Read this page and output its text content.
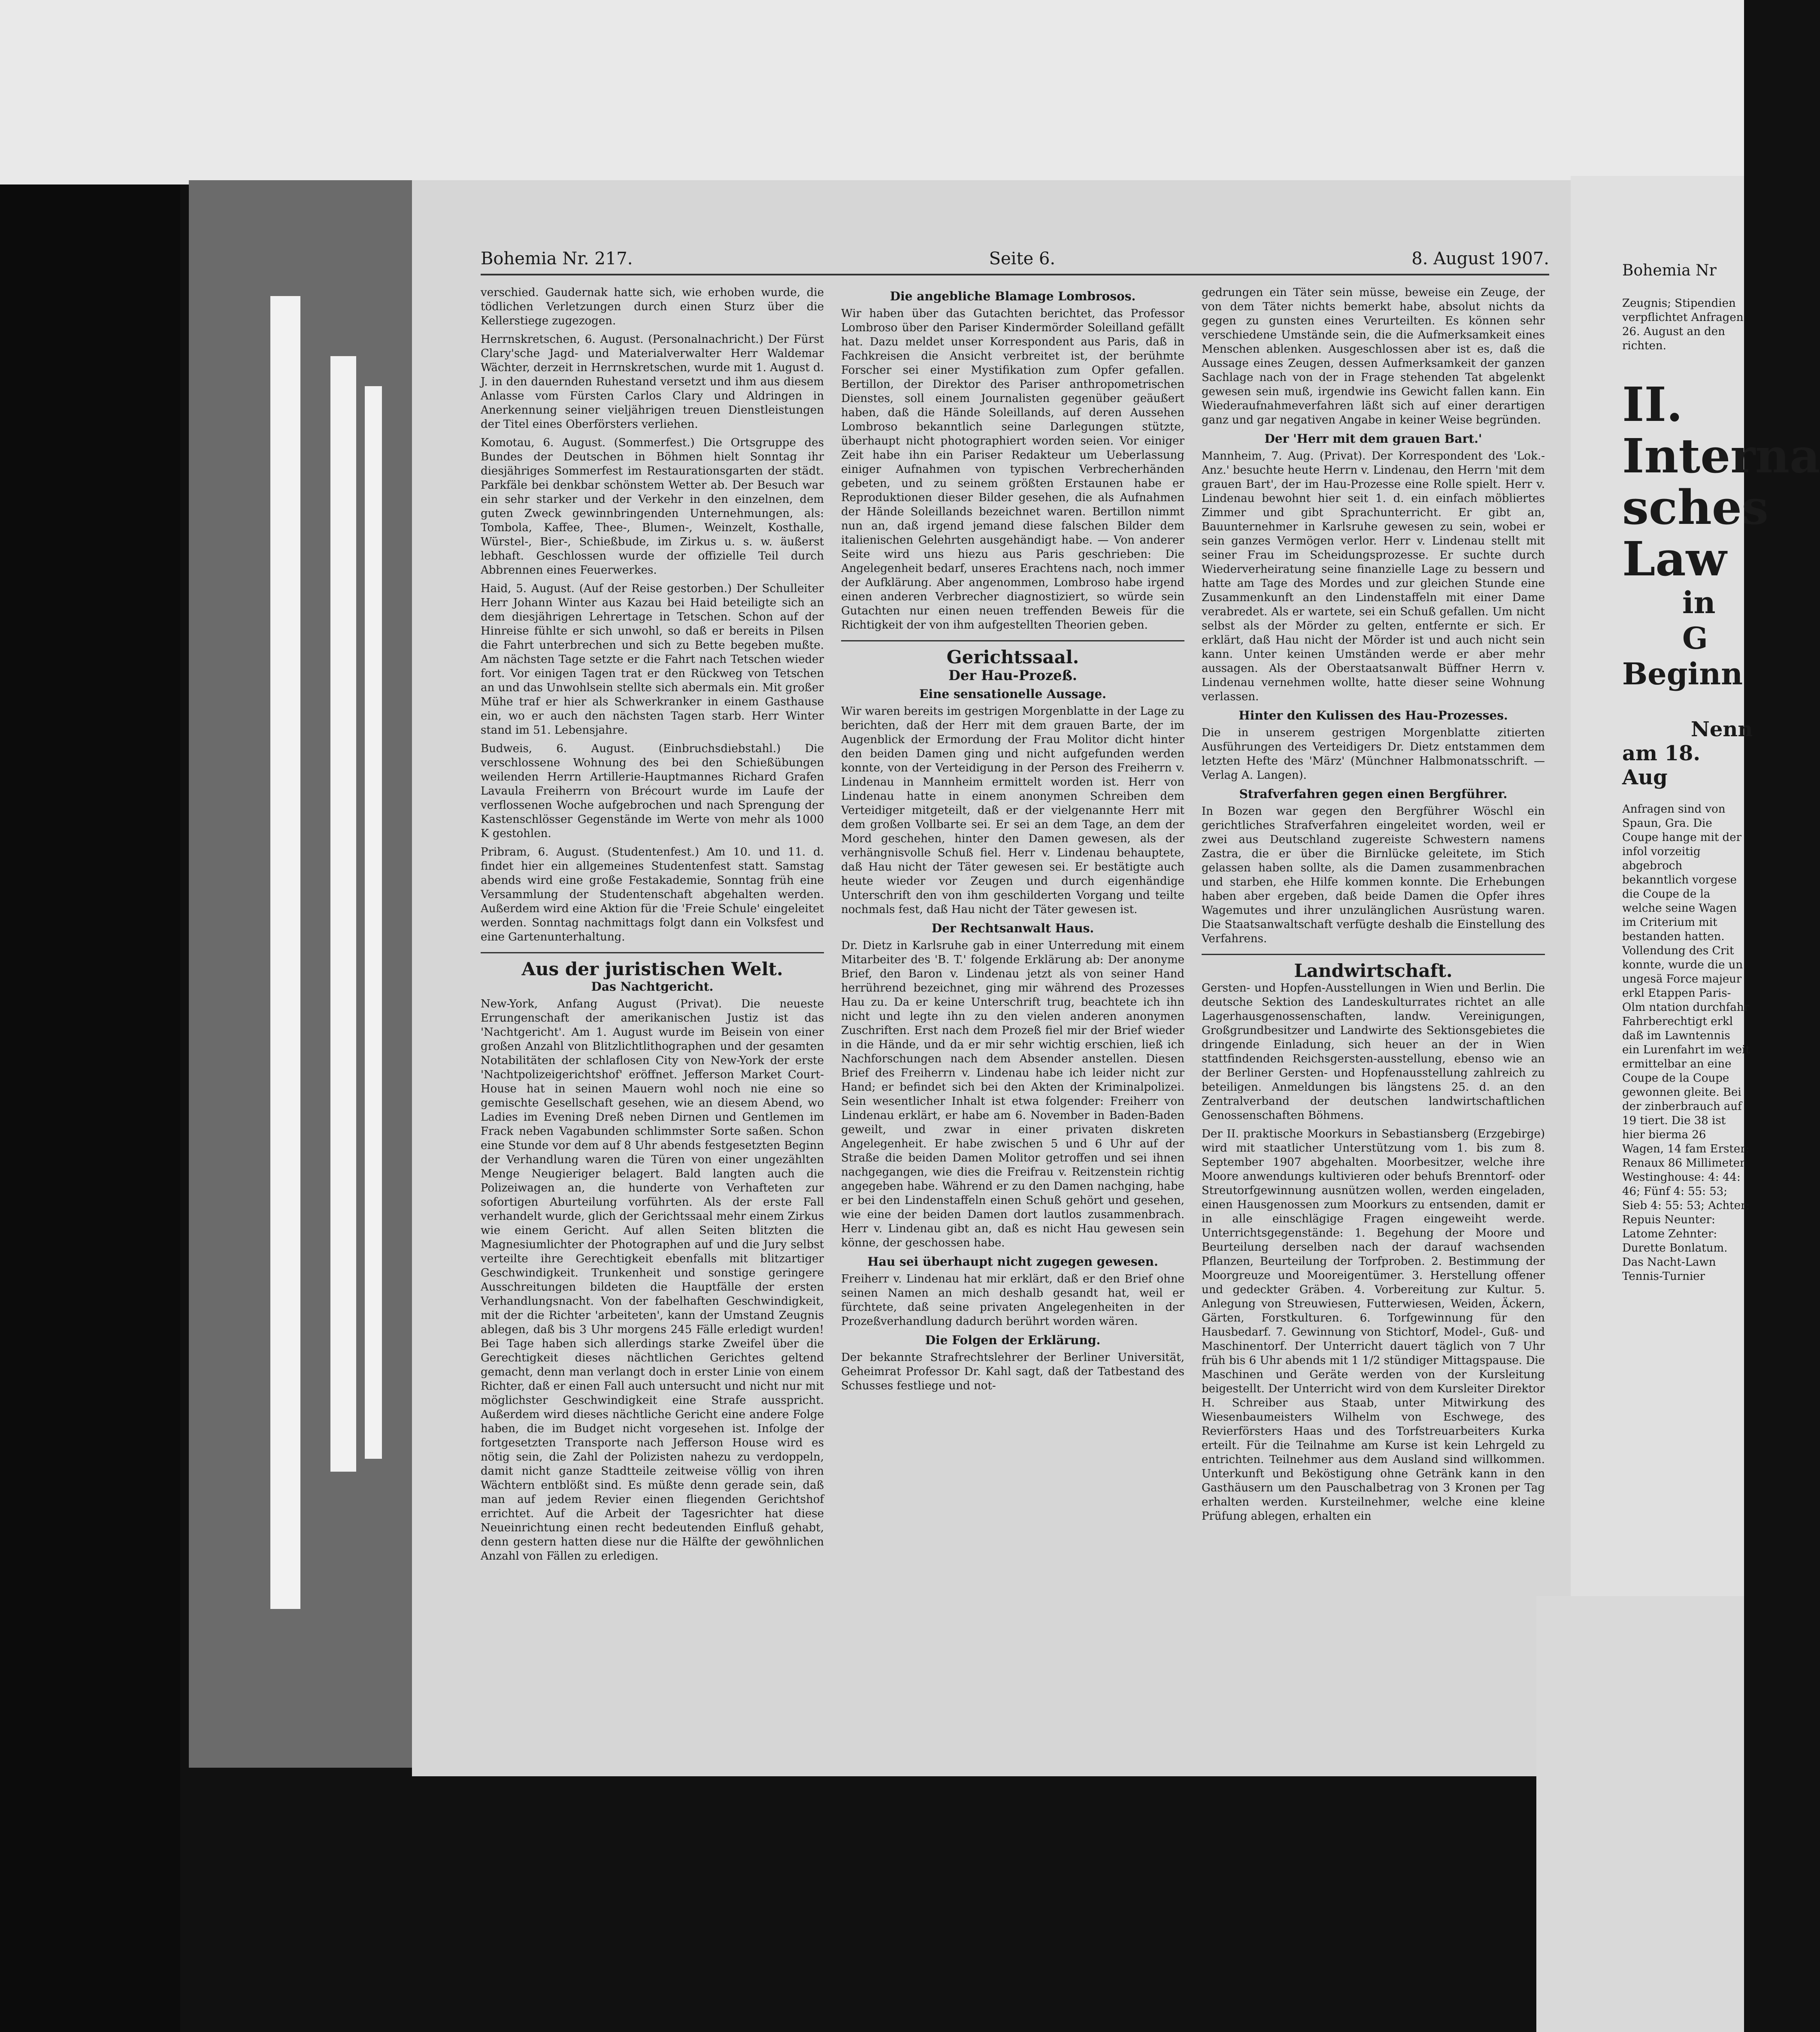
Bohemia Nr. 217.	Seite 6.	8. August 1907.

verschied. Gaudernak hatte sich, wie erhoben wurde, die tödlichen Verletzungen durch einen Sturz über die Kellerstiege zugezogen.

Herrnskretschen, 6. August. (Personalnachricht.) Der Fürst Clary'sche Jagd- und Materialverwalter Herr Waldemar Wächter, derzeit in Herrnskretschen, wurde mit 1. August d. J. in den dauernden Ruhestand versetzt und ihm aus diesem Anlasse vom Fürsten Carlos Clary und Aldringen in Anerkennung seiner vieljährigen treuen Dienstleistungen der Titel eines Oberförsters verliehen.

Komotau, 6. August. (Sommerfest.) Die Ortsgruppe des Bundes der Deutschen in Böhmen hielt Sonntag ihr diesjähriges Sommerfest im Restaurationsgarten der städt. Parkfäle bei denkbar schönstem Wetter ab. Der Besuch war ein sehr starker und der Verkehr in den einzelnen, dem guten Zweck gewinnbringenden Unternehmungen, als: Tombola, Kaffee, Thee-, Blumen-, Weinzelt, Kosthalle, Würstel-, Bier-, Schießbude, im Zirkus u. s. w. äußerst lebhaft. Geschlossen wurde der offizielle Teil durch Abbrennen eines Feuerwerkes.

Haid, 5. August. (Auf der Reise gestorben.) Der Schulleiter Herr Johann Winter aus Kazau bei Haid beteiligte sich an dem diesjährigen Lehrertage in Tetschen. Schon auf der Hinreise fühlte er sich unwohl, so daß er bereits in Pilsen die Fahrt unterbrechen und sich zu Bette begeben mußte. Am nächsten Tage setzte er die Fahrt nach Tetschen wieder fort. Vor einigen Tagen trat er den Rückweg von Tetschen an und das Unwohlsein stellte sich abermals ein. Mit großer Mühe traf er hier als Schwerkranker in einem Gasthause ein, wo er auch den nächsten Tagen starb. Herr Winter stand im 51. Lebensjahre.

Budweis, 6. August. (Einbruchsdiebstahl.) Die verschlossene Wohnung des bei den Schießübungen weilenden Herrn Artillerie-Hauptmannes Richard Grafen Lavaula Freiherrn von Brécourt wurde im Laufe der verflossenen Woche aufgebrochen und nach Sprengung der Kastenschlösser Gegenstände im Werte von mehr als 1000 K gestohlen.

Pribram, 6. August. (Studentenfest.) Am 10. und 11. d. findet hier ein allgemeines Studentenfest statt. Samstag abends wird eine große Festakademie, Sonntag früh eine Versammlung der Studentenschaft abgehalten werden. Außerdem wird eine Aktion für die 'Freie Schule' eingeleitet werden. Sonntag nachmittags folgt dann ein Volksfest und eine Gartenunterhaltung.

Aus der juristischen Welt.
Das Nachtgericht.

New-York, Anfang August (Privat). Die neueste Errungenschaft der amerikanischen Justiz ist das 'Nachtgericht'. Am 1. August wurde im Beisein von einer großen Anzahl von Blitzlichtlithographen und der gesamten Notabilitäten der schlaflosen City von New-York der erste 'Nachtpolizeigerichtshof' eröffnet. Jefferson Market Court-House hat in seinen Mauern wohl noch nie eine so gemischte Gesellschaft gesehen, wie an diesem Abend, wo Ladies im Evening Dreß neben Dirnen und Gentlemen im Frack neben Vagabunden schlimmster Sorte saßen. Schon eine Stunde vor dem auf 8 Uhr abends festgesetzten Beginn der Verhandlung waren die Türen von einer ungezählten Menge Neugieriger belagert. Bald langten auch die Polizeiwagen an, die hunderte von Verhafteten zur sofortigen Aburteilung vorführten. Als der erste Fall verhandelt wurde, glich der Gerichtssaal mehr einem Zirkus wie einem Gericht. Auf allen Seiten blitzten die Magnesiumlichter der Photographen auf und die Jury selbst verteilte ihre Gerechtigkeit ebenfalls mit blitzartiger Geschwindigkeit. Trunkenheit und sonstige geringere Ausschreitungen bildeten die Hauptfälle der ersten Verhandlungsnacht. Von der fabelhaften Geschwindigkeit, mit der die Richter 'arbeiteten', kann der Umstand Zeugnis ablegen, daß bis 3 Uhr morgens 245 Fälle erledigt wurden! Bei Tage haben sich allerdings starke Zweifel über die Gerechtigkeit dieses nächtlichen Gerichtes geltend gemacht, denn man verlangt doch in erster Linie von einem Richter, daß er einen Fall auch untersucht und nicht nur mit möglichster Geschwindigkeit eine Strafe ausspricht. Außerdem wird dieses nächtliche Gericht eine andere Folge haben, die im Budget nicht vorgesehen ist. Infolge der fortgesetzten Transporte nach Jefferson House wird es nötig sein, die Zahl der Polizisten nahezu zu verdoppeln, damit nicht ganze Stadtteile zeitweise völlig von ihren Wächtern entblößt sind. Es müßte denn gerade sein, daß man auf jedem Revier einen fliegenden Gerichtshof errichtet. Auf die Arbeit der Tagesrichter hat diese Neueinrichtung einen recht bedeutenden Einfluß gehabt, denn gestern hatten diese nur die Hälfte der gewöhnlichen Anzahl von Fällen zu erledigen.

Die angebliche Blamage Lombrosos.

Wir haben über das Gutachten berichtet, das Professor Lombroso über den Pariser Kindermörder Soleilland gefällt hat. Dazu meldet unser Korrespondent aus Paris, daß in Fachkreisen die Ansicht verbreitet ist, der berühmte Forscher sei einer Mystifikation zum Opfer gefallen. Bertillon, der Direktor des Pariser anthropometrischen Dienstes, soll einem Journalisten gegenüber geäußert haben, daß die Hände Soleillands, auf deren Aussehen Lombroso bekanntlich seine Darlegungen stützte, überhaupt nicht photographiert worden seien. Vor einiger Zeit habe ihn ein Pariser Redakteur um Ueberlassung einiger Aufnahmen von typischen Verbrecherhänden gebeten, und zu seinem größten Erstaunen habe er Reproduktionen dieser Bilder gesehen, die als Aufnahmen der Hände Soleillands bezeichnet waren. Bertillon nimmt nun an, daß irgend jemand diese falschen Bilder dem italienischen Gelehrten ausgehändigt habe. — Von anderer Seite wird uns hiezu aus Paris geschrieben: Die Angelegenheit bedarf, unseres Erachtens nach, noch immer der Aufklärung. Aber angenommen, Lombroso habe irgend einen anderen Verbrecher diagnostiziert, so würde sein Gutachten nur einen neuen treffenden Beweis für die Richtigkeit der von ihm aufgestellten Theorien geben.

Gerichtssaal.
Der Hau-Prozeß.
Eine sensationelle Aussage.

Wir waren bereits im gestrigen Morgenblatte in der Lage zu berichten, daß der Herr mit dem grauen Barte, der im Augenblick der Ermordung der Frau Molitor dicht hinter den beiden Damen ging und nicht aufgefunden werden konnte, von der Verteidigung in der Person des Freiherrn v. Lindenau in Mannheim ermittelt worden ist. Herr von Lindenau hatte in einem anonymen Schreiben dem Verteidiger mitgeteilt, daß er der vielgenannte Herr mit dem großen Vollbarte sei. Er sei an dem Tage, an dem der Mord geschehen, hinter den Damen gewesen, als der verhängnisvolle Schuß fiel. Herr v. Lindenau behauptete, daß Hau nicht der Täter gewesen sei. Er bestätigte auch heute wieder vor Zeugen und durch eigenhändige Unterschrift den von ihm geschilderten Vorgang und teilte nochmals fest, daß Hau nicht der Täter gewesen ist.

Der Rechtsanwalt Haus.

Dr. Dietz in Karlsruhe gab in einer Unterredung mit einem Mitarbeiter des 'B. T.' folgende Erklärung ab: Der anonyme Brief, den Baron v. Lindenau jetzt als von seiner Hand herrührend bezeichnet, ging mir während des Prozesses Hau zu. Da er keine Unterschrift trug, beachtete ich ihn nicht und legte ihn zu den vielen anderen anonymen Zuschriften. Erst nach dem Prozeß fiel mir der Brief wieder in die Hände, und da er mir sehr wichtig erschien, ließ ich Nachforschungen nach dem Absender anstellen. Diesen Brief des Freiherrn v. Lindenau habe ich leider nicht zur Hand; er befindet sich bei den Akten der Kriminalpolizei. Sein wesentlicher Inhalt ist etwa folgender: Freiherr von Lindenau erklärt, er habe am 6. November in Baden-Baden geweilt, und zwar in einer privaten diskreten Angelegenheit. Er habe zwischen 5 und 6 Uhr auf der Straße die beiden Damen Molitor getroffen und sei ihnen nachgegangen, wie dies die Freifrau v. Reitzenstein richtig angegeben habe. Während er zu den Damen nachging, habe er bei den Lindenstaffeln einen Schuß gehört und gesehen, wie eine der beiden Damen dort lautlos zusammenbrach. Herr v. Lindenau gibt an, daß es nicht Hau gewesen sein könne, der geschossen habe.

Hau sei überhaupt nicht zugegen gewesen.

Freiherr v. Lindenau hat mir erklärt, daß er den Brief ohne seinen Namen an mich deshalb gesandt hat, weil er fürchtete, daß seine privaten Angelegenheiten in der Prozeßverhandlung dadurch berührt worden wären.

Die Folgen der Erklärung.

Der bekannte Strafrechtslehrer der Berliner Universität, Geheimrat Professor Dr. Kahl sagt, daß der Tatbestand des Schusses festliege und not-

gedrungen ein Täter sein müsse, beweise ein Zeuge, der von dem Täter nichts bemerkt habe, absolut nichts da gegen zu gunsten eines Verurteilten. Es können sehr verschiedene Umstände sein, die die Aufmerksamkeit eines Menschen ablenken. Ausgeschlossen aber ist es, daß die Aussage eines Zeugen, dessen Aufmerksamkeit der ganzen Sachlage nach von der in Frage stehenden Tat abgelenkt gewesen sein muß, irgendwie ins Gewicht fallen kann. Ein Wiederaufnahmeverfahren läßt sich auf einer derartigen ganz und gar negativen Angabe in keiner Weise begründen.

Der 'Herr mit dem grauen Bart.'

Mannheim, 7. Aug. (Privat). Der Korrespondent des 'Lok.-Anz.' besuchte heute Herrn v. Lindenau, den Herrn 'mit dem grauen Bart', der im Hau-Prozesse eine Rolle spielt. Herr v. Lindenau bewohnt hier seit 1. d. ein einfach möbliertes Zimmer und gibt Sprachunterricht. Er gibt an, Bauunternehmer in Karlsruhe gewesen zu sein, wobei er sein ganzes Vermögen verlor. Herr v. Lindenau stellt mit seiner Frau im Scheidungsprozesse. Er suchte durch Wiederverheiratung seine finanzielle Lage zu bessern und hatte am Tage des Mordes und zur gleichen Stunde eine Zusammenkunft an den Lindenstaffeln mit einer Dame verabredet. Als er wartete, sei ein Schuß gefallen. Um nicht selbst als der Mörder zu gelten, entfernte er sich. Er erklärt, daß Hau nicht der Mörder ist und auch nicht sein kann. Unter keinen Umständen werde er aber mehr aussagen. Als der Oberstaatsanwalt Büffner Herrn v. Lindenau vernehmen wollte, hatte dieser seine Wohnung verlassen.

Hinter den Kulissen des Hau-Prozesses.

Die in unserem gestrigen Morgenblatte zitierten Ausführungen des Verteidigers Dr. Dietz entstammen dem letzten Hefte des 'März' (Münchner Halbmonatsschrift. — Verlag A. Langen).

Strafverfahren gegen einen Bergführer.

In Bozen war gegen den Bergführer Wöschl ein gerichtliches Strafverfahren eingeleitet worden, weil er zwei aus Deutschland zugereiste Schwestern namens Zastra, die er über die Birnlücke geleitete, im Stich gelassen haben sollte, als die Damen zusammenbrachen und starben, ehe Hilfe kommen konnte. Die Erhebungen haben aber ergeben, daß beide Damen die Opfer ihres Wagemutes und ihrer unzulänglichen Ausrüstung waren. Die Staatsanwaltschaft verfügte deshalb die Einstellung des Verfahrens.

Landwirtschaft.

Gersten- und Hopfen-Ausstellungen in Wien und Berlin. Die deutsche Sektion des Landeskulturrates richtet an alle Lagerhausgenossenschaften, landw. Vereinigungen, Großgrundbesitzer und Landwirte des Sektionsgebietes die dringende Einladung, sich heuer an der in Wien stattfindenden Reichsgersten-ausstellung, ebenso wie an der Berliner Gersten- und Hopfenausstellung zahlreich zu beteiligen. Anmeldungen bis längstens 25. d. an den Zentralverband der deutschen landwirtschaftlichen Genossenschaften Böhmens.

Der II. praktische Moorkurs in Sebastiansberg (Erzgebirge) wird mit staatlicher Unterstützung vom 1. bis zum 8. September 1907 abgehalten. Moorbesitzer, welche ihre Moore anwendungs kultivieren oder behufs Brenntorf- oder Streutorfgewinnung ausnützen wollen, werden eingeladen, einen Hausgenossen zum Moorkurs zu entsenden, damit er in alle einschlägige Fragen eingeweiht werde. Unterrichtsgegenstände: 1. Begehung der Moore und Beurteilung derselben nach der darauf wachsenden Pflanzen, Beurteilung der Torfproben. 2. Bestimmung der Moorgreuze und Mooreigentümer. 3. Herstellung offener und gedeckter Gräben. 4. Vorbereitung zur Kultur. 5. Anlegung von Streuwiesen, Futterwiesen, Weiden, Äckern, Gärten, Forstkulturen. 6. Torfgewinnung für den Hausbedarf. 7. Gewinnung von Stichtorf, Model-, Guß- und Maschinentorf. Der Unterricht dauert täglich von 7 Uhr früh bis 6 Uhr abends mit 1 1/2 stündiger Mittagspause. Die Maschinen und Geräte werden von der Kursleitung beigestellt. Der Unterricht wird von dem Kursleiter Direktor H. Schreiber aus Staab, unter Mitwirkung des Wiesenbaumeisters Wilhelm von Eschwege, des Revierförsters Haas und des Torfstreuarbeiters Kurka erteilt. Für die Teilnahme am Kurse ist kein Lehrgeld zu entrichten. Teilnehmer aus dem Ausland sind willkommen. Unterkunft und Beköstigung ohne Getränk kann in den Gasthäusern um den Pauschalbetrag von 3 Kronen per Tag erhalten werden. Kursteilnehmer, welche eine kleine Prüfung ablegen, erhalten ein

Bohemia Nr
Zeugnis; Stipendien verpflichtet Anfragen 26. August an den richten.
II. Interna
sches Law
in G
Beginn
Nenn
am 18. Aug
Anfragen sind von Spaun, Gra. Die Coupe hange mit der infol vorzeitig abgebroch bekanntlich vorgese die Coupe de la welche seine Wagen im Criterium mit bestanden hatten. Vollendung des Crit konnte, wurde die un ungesä Force majeur erkl Etappen Paris-Olm ntation durchfahr Fahrberechtigt erkl daß im Lawntennis ein Lurenfahrt im weit ermittelbar an eine Coupe de la Coupe gewonnen gleite. Bei der zinberbrauch auf 19 tiert. Die 38 ist hier bierma 26 Wagen, 14 fam Erster: Renaux 86 Millimeter Westinghouse: 4: 44: 46; Fünf 4: 55: 53; Sieb 4: 55: 53; Achter: Repuis Neunter: Latome Zehnter: Durette Bonlatum. Das Nacht-Lawn Tennis-Turnier
